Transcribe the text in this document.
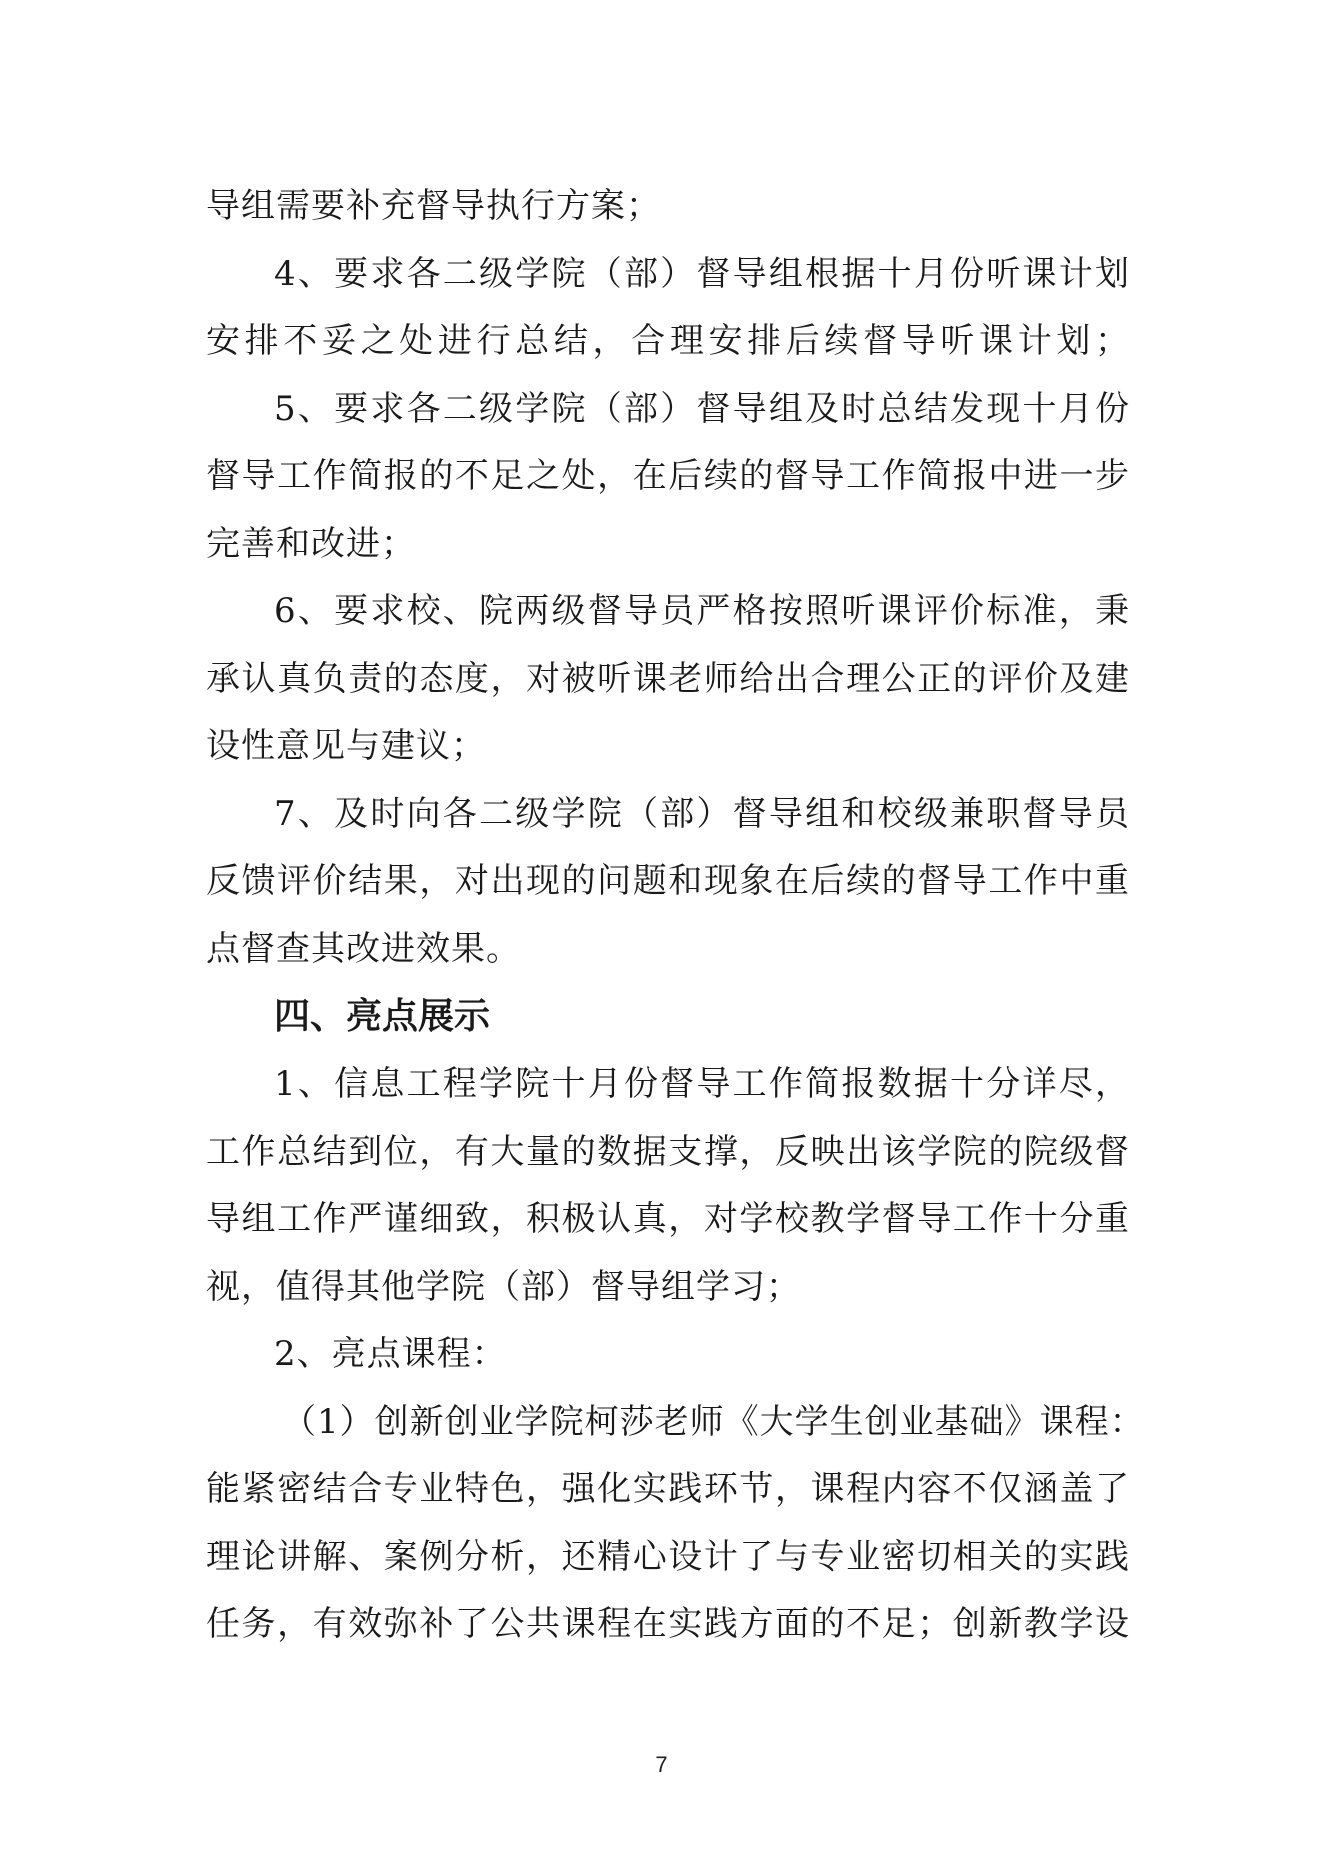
导组需要补充督导执行方案；
4、要求各二级学院（部）督导组根据十月份听课计划
安排不妥之处进行总结，合理安排后续督导听课计划；
5、要求各二级学院（部）督导组及时总结发现十月份
督导工作简报的不足之处，在后续的督导工作简报中进一步
完善和改进；
6、要求校、院两级督导员严格按照听课评价标准，秉
承认真负责的态度，对被听课老师给出合理公正的评价及建
设性意见与建议；
7、及时向各二级学院（部）督导组和校级兼职督导员
反馈评价结果，对出现的问题和现象在后续的督导工作中重
点督查其改进效果。
四、亮点展示
1、信息工程学院十月份督导工作简报数据十分详尽，
工作总结到位，有大量的数据支撑，反映出该学院的院级督
导组工作严谨细致，积极认真，对学校教学督导工作十分重
视，值得其他学院（部）督导组学习；
2、亮点课程：
（1）创新创业学院柯莎老师《大学生创业基础》课程：
能紧密结合专业特色，强化实践环节，课程内容不仅涵盖了
理论讲解、案例分析，还精心设计了与专业密切相关的实践
任务，有效弥补了公共课程在实践方面的不足；创新教学设
7
